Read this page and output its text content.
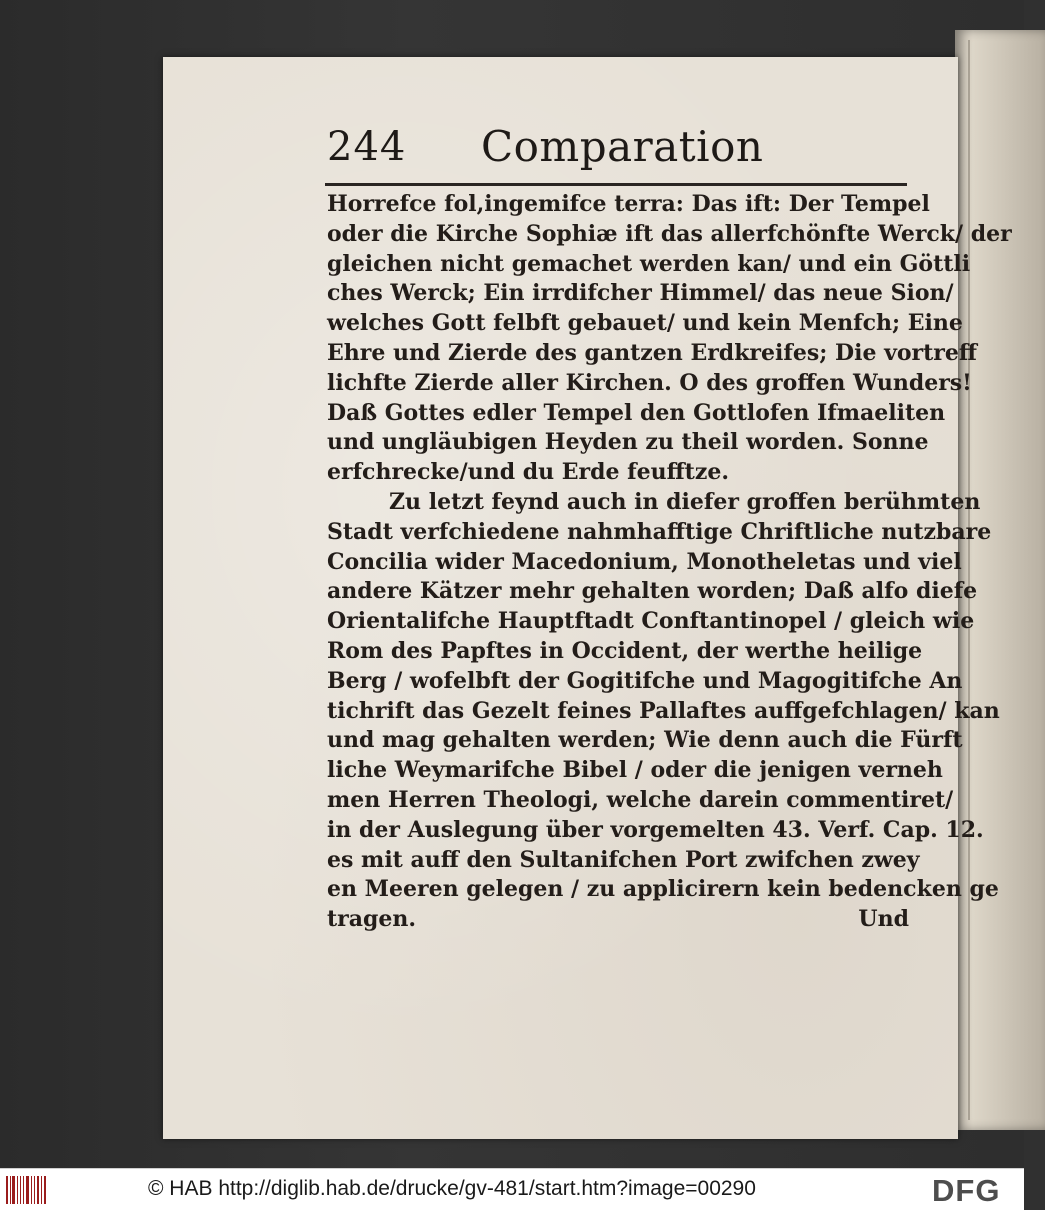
244 Comparation
Horrefce fol,ingemifce terra: Das ift: Der Tempel
oder die Kirche Sophiæ ift das allerfchönfte Werck/ der
gleichen nicht gemachet werden kan/ und ein Göttli
ches Werck; Ein irrdifcher Himmel/ das neue Sion/
welches Gott felbft gebauet/ und kein Menfch; Eine
Ehre und Zierde des gantzen Erdkreifes; Die vortreff
lichfte Zierde aller Kirchen. O des groffen Wunders!
Daß Gottes edler Tempel den Gottlofen Ifmaeliten
und ungläubigen Heyden zu theil worden. Sonne
erfchrecke/und du Erde feufftze.
Zu letzt feynd auch in diefer groffen berühmten
Stadt verfchiedene nahmhafftige Chriftliche nutzbare
Concilia wider Macedonium, Monotheletas und viel
andere Kätzer mehr gehalten worden; Daß alfo diefe
Orientalifche Hauptftadt Conftantinopel / gleich wie
Rom des Papftes in Occident, der werthe heilige
Berg / wofelbft der Gogitifche und Magogitifche An
tichrift das Gezelt feines Pallaftes auffgefchlagen/ kan
und mag gehalten werden; Wie denn auch die Fürft
liche Weymarifche Bibel / oder die jenigen verneh
men Herren Theologi, welche darein commentiret/
in der Auslegung über vorgemelten 43. Verf. Cap. 12.
es mit auff den Sultanifchen Port zwifchen zwey
en Meeren gelegen / zu applicirern kein bedencken ge
tragen.	Und
© HAB http://diglib.hab.de/drucke/gv-481/start.htm?image=00290	DFG
